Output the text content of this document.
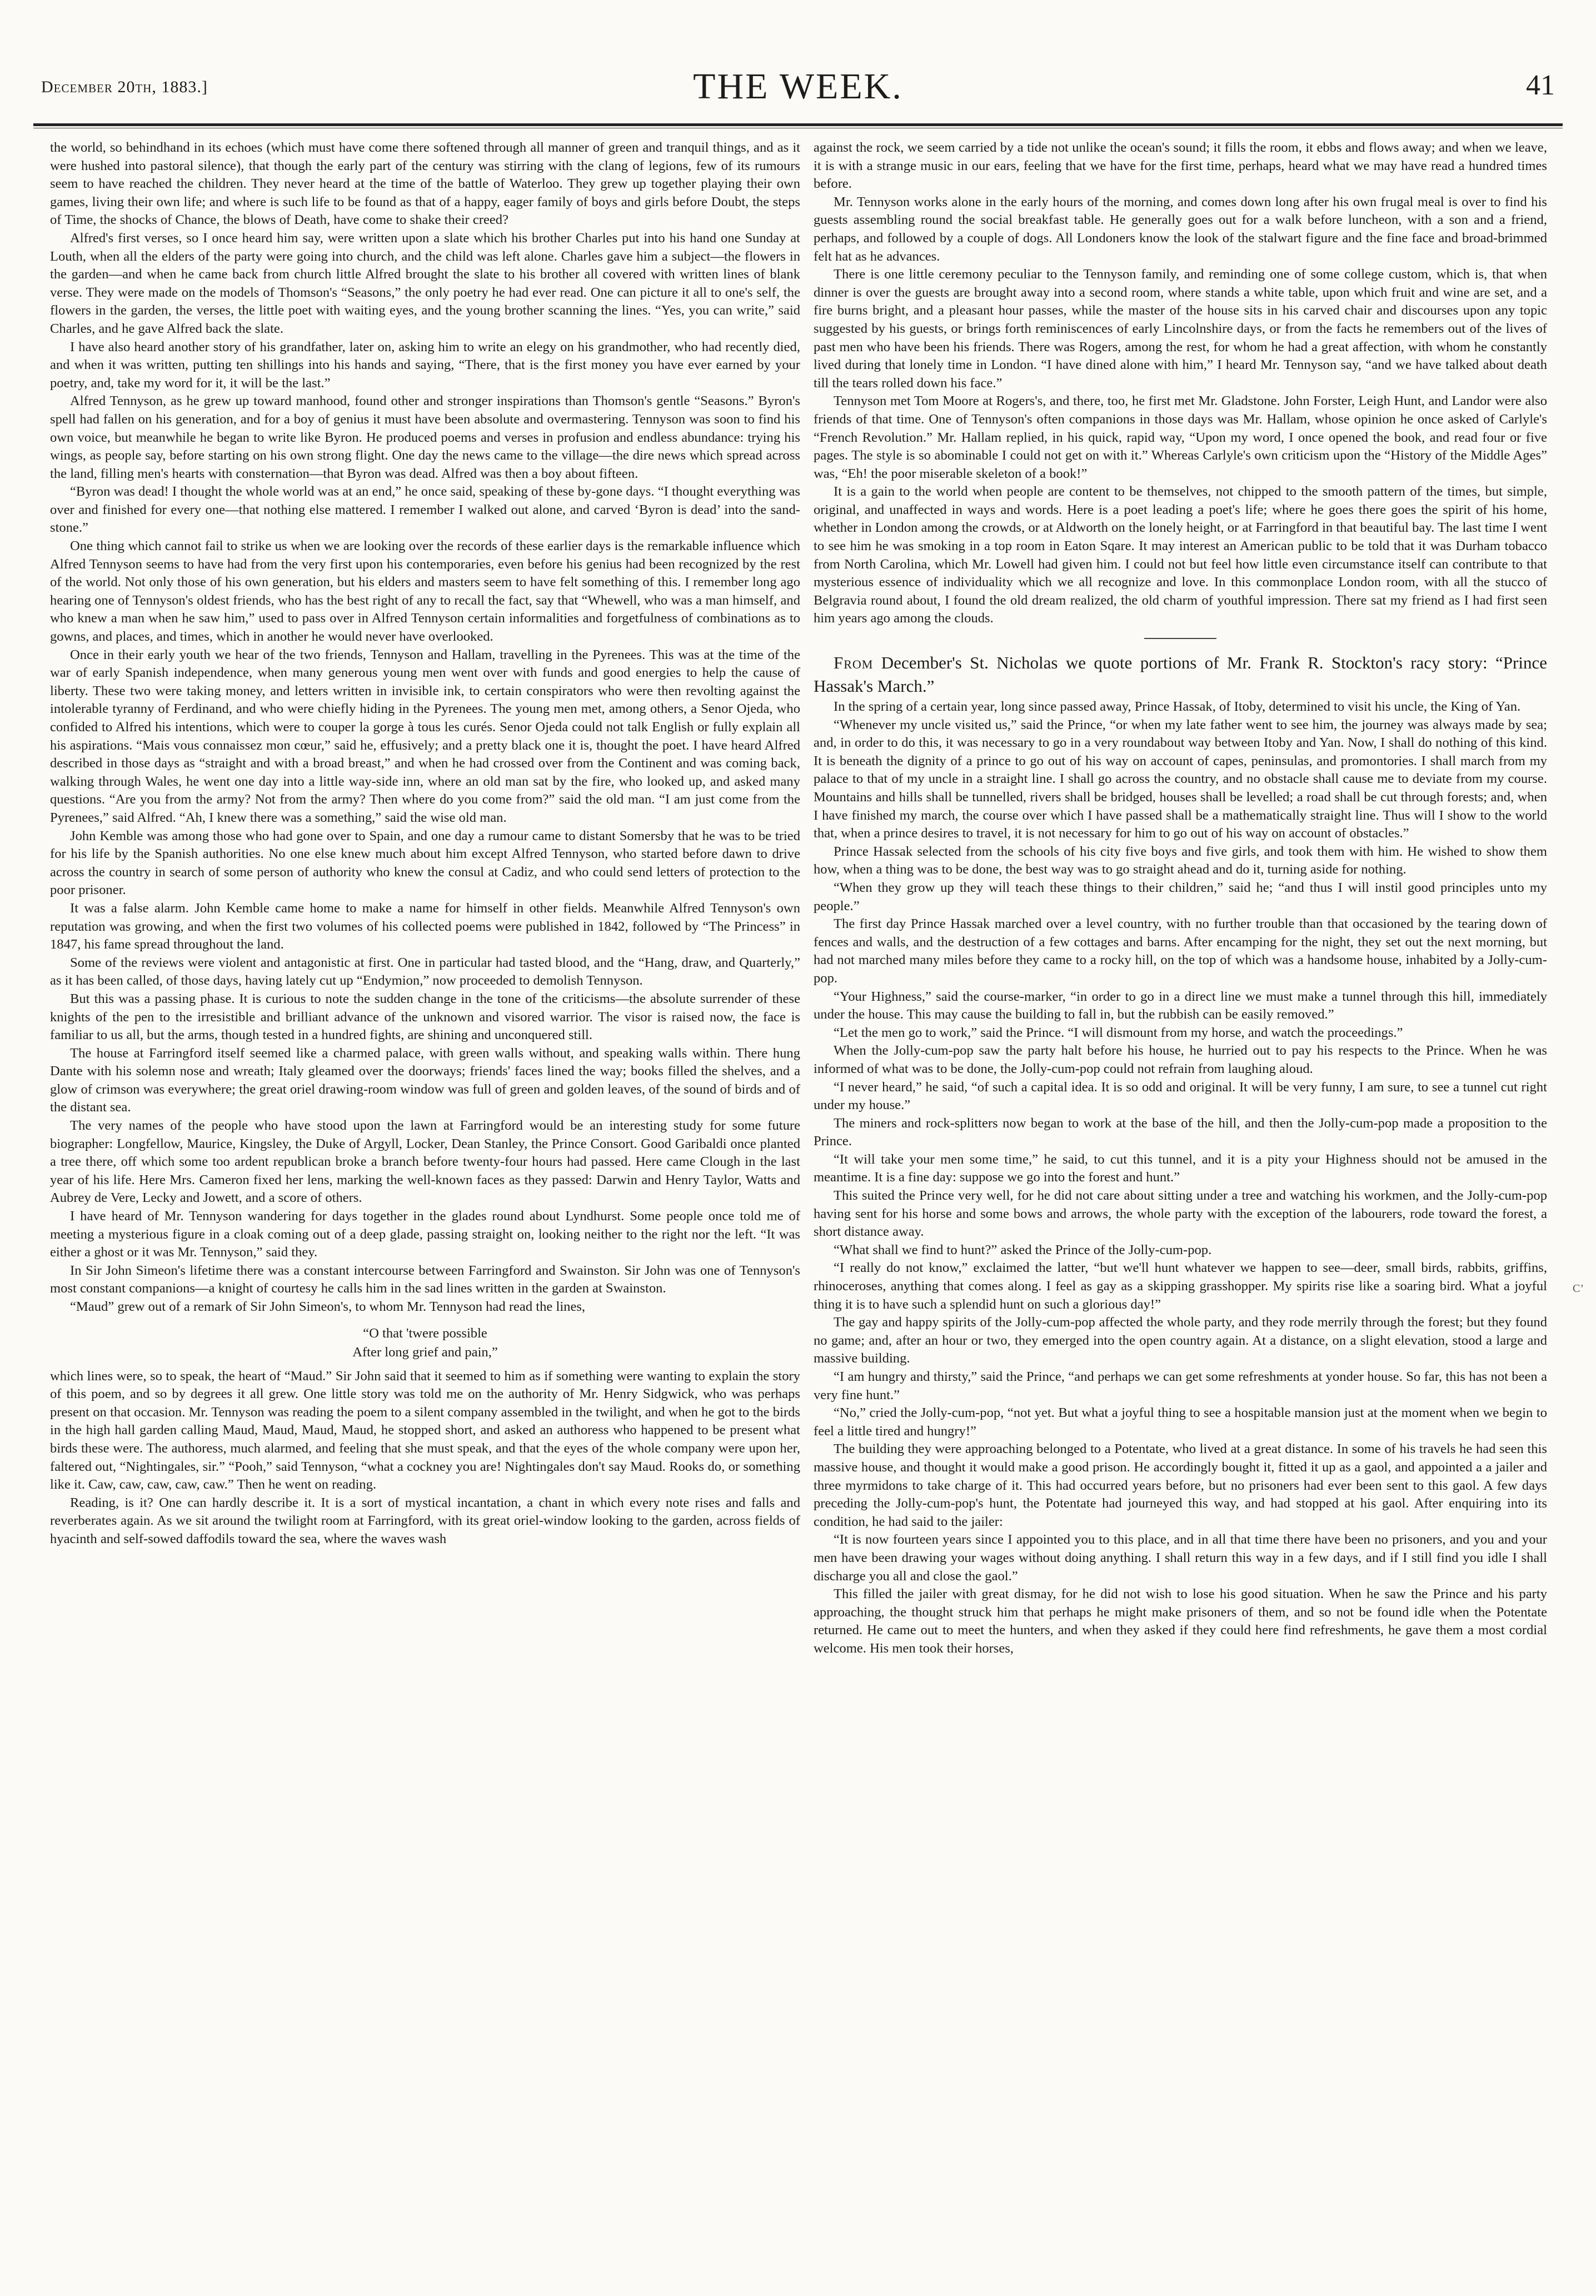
December 20th, 1883.]	THE WEEK.	41

the world, so behindhand in its echoes (which must have come there softened through all manner of green and tranquil things, and as it were hushed into pastoral silence), that though the early part of the century was stirring with the clang of legions, few of its rumours seem to have reached the children. They never heard at the time of the battle of Waterloo. They grew up together playing their own games, living their own life; and where is such life to be found as that of a happy, eager family of boys and girls before Doubt, the steps of Time, the shocks of Chance, the blows of Death, have come to shake their creed?

Alfred's first verses, so I once heard him say, were written upon a slate which his brother Charles put into his hand one Sunday at Louth, when all the elders of the party were going into church, and the child was left alone. Charles gave him a subject—the flowers in the garden—and when he came back from church little Alfred brought the slate to his brother all covered with written lines of blank verse. They were made on the models of Thomson's “Seasons,” the only poetry he had ever read. One can picture it all to one's self, the flowers in the garden, the verses, the little poet with waiting eyes, and the young brother scanning the lines. “Yes, you can write,” said Charles, and he gave Alfred back the slate.

I have also heard another story of his grandfather, later on, asking him to write an elegy on his grandmother, who had recently died, and when it was written, putting ten shillings into his hands and saying, “There, that is the first money you have ever earned by your poetry, and, take my word for it, it will be the last.”

Alfred Tennyson, as he grew up toward manhood, found other and stronger inspirations than Thomson's gentle “Seasons.” Byron's spell had fallen on his generation, and for a boy of genius it must have been absolute and overmastering. Tennyson was soon to find his own voice, but meanwhile he began to write like Byron. He produced poems and verses in profusion and endless abundance: trying his wings, as people say, before starting on his own strong flight. One day the news came to the village—the dire news which spread across the land, filling men's hearts with consternation—that Byron was dead. Alfred was then a boy about fifteen.

“Byron was dead! I thought the whole world was at an end,” he once said, speaking of these by-gone days. “I thought everything was over and finished for every one—that nothing else mattered. I remember I walked out alone, and carved ‘Byron is dead’ into the sand-stone.”

One thing which cannot fail to strike us when we are looking over the records of these earlier days is the remarkable influence which Alfred Tennyson seems to have had from the very first upon his contemporaries, even before his genius had been recognized by the rest of the world. Not only those of his own generation, but his elders and masters seem to have felt something of this. I remember long ago hearing one of Tennyson's oldest friends, who has the best right of any to recall the fact, say that “Whewell, who was a man himself, and who knew a man when he saw him,” used to pass over in Alfred Tennyson certain informalities and forgetfulness of combinations as to gowns, and places, and times, which in another he would never have overlooked.

Once in their early youth we hear of the two friends, Tennyson and Hallam, travelling in the Pyrenees. This was at the time of the war of early Spanish independence, when many generous young men went over with funds and good energies to help the cause of liberty. These two were taking money, and letters written in invisible ink, to certain conspirators who were then revolting against the intolerable tyranny of Ferdinand, and who were chiefly hiding in the Pyrenees. The young men met, among others, a Senor Ojeda, who confided to Alfred his intentions, which were to couper la gorge à tous les curés. Senor Ojeda could not talk English or fully explain all his aspirations. “Mais vous connaissez mon cœur,” said he, effusively; and a pretty black one it is, thought the poet. I have heard Alfred described in those days as “straight and with a broad breast,” and when he had crossed over from the Continent and was coming back, walking through Wales, he went one day into a little way-side inn, where an old man sat by the fire, who looked up, and asked many questions. “Are you from the army? Not from the army? Then where do you come from?” said the old man. “I am just come from the Pyrenees,” said Alfred. “Ah, I knew there was a something,” said the wise old man.

John Kemble was among those who had gone over to Spain, and one day a rumour came to distant Somersby that he was to be tried for his life by the Spanish authorities. No one else knew much about him except Alfred Tennyson, who started before dawn to drive across the country in search of some person of authority who knew the consul at Cadiz, and who could send letters of protection to the poor prisoner.

It was a false alarm. John Kemble came home to make a name for himself in other fields. Meanwhile Alfred Tennyson's own reputation was growing, and when the first two volumes of his collected poems were published in 1842, followed by “The Princess” in 1847, his fame spread throughout the land.

Some of the reviews were violent and antagonistic at first. One in particular had tasted blood, and the “Hang, draw, and Quarterly,” as it has been called, of those days, having lately cut up “Endymion,” now proceeded to demolish Tennyson.

But this was a passing phase. It is curious to note the sudden change in the tone of the criticisms—the absolute surrender of these knights of the pen to the irresistible and brilliant advance of the unknown and visored warrior. The visor is raised now, the face is familiar to us all, but the arms, though tested in a hundred fights, are shining and unconquered still.

The house at Farringford itself seemed like a charmed palace, with green walls without, and speaking walls within. There hung Dante with his solemn nose and wreath; Italy gleamed over the doorways; friends' faces lined the way; books filled the shelves, and a glow of crimson was everywhere; the great oriel drawing-room window was full of green and golden leaves, of the sound of birds and of the distant sea.

The very names of the people who have stood upon the lawn at Farringford would be an interesting study for some future biographer: Longfellow, Maurice, Kingsley, the Duke of Argyll, Locker, Dean Stanley, the Prince Consort. Good Garibaldi once planted a tree there, off which some too ardent republican broke a branch before twenty-four hours had passed. Here came Clough in the last year of his life. Here Mrs. Cameron fixed her lens, marking the well-known faces as they passed: Darwin and Henry Taylor, Watts and Aubrey de Vere, Lecky and Jowett, and a score of others.

I have heard of Mr. Tennyson wandering for days together in the glades round about Lyndhurst. Some people once told me of meeting a mysterious figure in a cloak coming out of a deep glade, passing straight on, looking neither to the right nor the left. “It was either a ghost or it was Mr. Tennyson,” said they.

In Sir John Simeon's lifetime there was a constant intercourse between Farringford and Swainston. Sir John was one of Tennyson's most constant companions—a knight of courtesy he calls him in the sad lines written in the garden at Swainston.

“Maud” grew out of a remark of Sir John Simeon's, to whom Mr. Tennyson had read the lines,

“O that 'twere possible
After long grief and pain,”

which lines were, so to speak, the heart of “Maud.” Sir John said that it seemed to him as if something were wanting to explain the story of this poem, and so by degrees it all grew. One little story was told me on the authority of Mr. Henry Sidgwick, who was perhaps present on that occasion. Mr. Tennyson was reading the poem to a silent company assembled in the twilight, and when he got to the birds in the high hall garden calling Maud, Maud, Maud, Maud, he stopped short, and asked an authoress who happened to be present what birds these were. The authoress, much alarmed, and feeling that she must speak, and that the eyes of the whole company were upon her, faltered out, “Nightingales, sir.” “Pooh,” said Tennyson, “what a cockney you are! Nightingales don't say Maud. Rooks do, or something like it. Caw, caw, caw, caw, caw.” Then he went on reading.

Reading, is it? One can hardly describe it. It is a sort of mystical incantation, a chant in which every note rises and falls and reverberates again. As we sit around the twilight room at Farringford, with its great oriel-window looking to the garden, across fields of hyacinth and self-sowed daffodils toward the sea, where the waves wash

against the rock, we seem carried by a tide not unlike the ocean's sound; it fills the room, it ebbs and flows away; and when we leave, it is with a strange music in our ears, feeling that we have for the first time, perhaps, heard what we may have read a hundred times before.

Mr. Tennyson works alone in the early hours of the morning, and comes down long after his own frugal meal is over to find his guests assembling round the social breakfast table. He generally goes out for a walk before luncheon, with a son and a friend, perhaps, and followed by a couple of dogs. All Londoners know the look of the stalwart figure and the fine face and broad-brimmed felt hat as he advances.

There is one little ceremony peculiar to the Tennyson family, and reminding one of some college custom, which is, that when dinner is over the guests are brought away into a second room, where stands a white table, upon which fruit and wine are set, and a fire burns bright, and a pleasant hour passes, while the master of the house sits in his carved chair and discourses upon any topic suggested by his guests, or brings forth reminiscences of early Lincolnshire days, or from the facts he remembers out of the lives of past men who have been his friends. There was Rogers, among the rest, for whom he had a great affection, with whom he constantly lived during that lonely time in London. “I have dined alone with him,” I heard Mr. Tennyson say, “and we have talked about death till the tears rolled down his face.”

Tennyson met Tom Moore at Rogers's, and there, too, he first met Mr. Gladstone. John Forster, Leigh Hunt, and Landor were also friends of that time. One of Tennyson's often companions in those days was Mr. Hallam, whose opinion he once asked of Carlyle's “French Revolution.” Mr. Hallam replied, in his quick, rapid way, “Upon my word, I once opened the book, and read four or five pages. The style is so abominable I could not get on with it.” Whereas Carlyle's own criticism upon the “History of the Middle Ages” was, “Eh! the poor miserable skeleton of a book!”

It is a gain to the world when people are content to be themselves, not chipped to the smooth pattern of the times, but simple, original, and unaffected in ways and words. Here is a poet leading a poet's life; where he goes there goes the spirit of his home, whether in London among the crowds, or at Aldworth on the lonely height, or at Farringford in that beautiful bay. The last time I went to see him he was smoking in a top room in Eaton Sqare. It may interest an American public to be told that it was Durham tobacco from North Carolina, which Mr. Lowell had given him. I could not but feel how little even circumstance itself can contribute to that mysterious essence of individuality which we all recognize and love. In this commonplace London room, with all the stucco of Belgravia round about, I found the old dream realized, the old charm of youthful impression. There sat my friend as I had first seen him years ago among the clouds.

From December's St. Nicholas we quote portions of Mr. Frank R. Stockton's racy story: “Prince Hassak's March.”

In the spring of a certain year, long since passed away, Prince Hassak, of Itoby, determined to visit his uncle, the King of Yan.

“Whenever my uncle visited us,” said the Prince, “or when my late father went to see him, the journey was always made by sea; and, in order to do this, it was necessary to go in a very roundabout way between Itoby and Yan. Now, I shall do nothing of this kind. It is beneath the dignity of a prince to go out of his way on account of capes, peninsulas, and promontories. I shall march from my palace to that of my uncle in a straight line. I shall go across the country, and no obstacle shall cause me to deviate from my course. Mountains and hills shall be tunnelled, rivers shall be bridged, houses shall be levelled; a road shall be cut through forests; and, when I have finished my march, the course over which I have passed shall be a mathematically straight line. Thus will I show to the world that, when a prince desires to travel, it is not necessary for him to go out of his way on account of obstacles.”

Prince Hassak selected from the schools of his city five boys and five girls, and took them with him. He wished to show them how, when a thing was to be done, the best way was to go straight ahead and do it, turning aside for nothing.

“When they grow up they will teach these things to their children,” said he; “and thus I will instil good principles unto my people.”

The first day Prince Hassak marched over a level country, with no further trouble than that occasioned by the tearing down of fences and walls, and the destruction of a few cottages and barns. After encamping for the night, they set out the next morning, but had not marched many miles before they came to a rocky hill, on the top of which was a handsome house, inhabited by a Jolly-cum-pop.

“Your Highness,” said the course-marker, “in order to go in a direct line we must make a tunnel through this hill, immediately under the house. This may cause the building to fall in, but the rubbish can be easily removed.”

“Let the men go to work,” said the Prince. “I will dismount from my horse, and watch the proceedings.”

When the Jolly-cum-pop saw the party halt before his house, he hurried out to pay his respects to the Prince. When he was informed of what was to be done, the Jolly-cum-pop could not refrain from laughing aloud.

“I never heard,” he said, “of such a capital idea. It is so odd and original. It will be very funny, I am sure, to see a tunnel cut right under my house.”

The miners and rock-splitters now began to work at the base of the hill, and then the Jolly-cum-pop made a proposition to the Prince.

“It will take your men some time,” he said, to cut this tunnel, and it is a pity your Highness should not be amused in the meantime. It is a fine day: suppose we go into the forest and hunt.”

This suited the Prince very well, for he did not care about sitting under a tree and watching his workmen, and the Jolly-cum-pop having sent for his horse and some bows and arrows, the whole party with the exception of the labourers, rode toward the forest, a short distance away.

“What shall we find to hunt?” asked the Prince of the Jolly-cum-pop.

“I really do not know,” exclaimed the latter, “but we'll hunt whatever we happen to see—deer, small birds, rabbits, griffins, rhinoceroses, anything that comes along. I feel as gay as a skipping grasshopper. My spirits rise like a soaring bird. What a joyful thing it is to have such a splendid hunt on such a glorious day!”

The gay and happy spirits of the Jolly-cum-pop affected the whole party, and they rode merrily through the forest; but they found no game; and, after an hour or two, they emerged into the open country again. At a distance, on a slight elevation, stood a large and massive building.

“I am hungry and thirsty,” said the Prince, “and perhaps we can get some refreshments at yonder house. So far, this has not been a very fine hunt.”

“No,” cried the Jolly-cum-pop, “not yet. But what a joyful thing to see a hospitable mansion just at the moment when we begin to feel a little tired and hungry!”

The building they were approaching belonged to a Potentate, who lived at a great distance. In some of his travels he had seen this massive house, and thought it would make a good prison. He accordingly bought it, fitted it up as a gaol, and appointed a a jailer and three myrmidons to take charge of it. This had occurred years before, but no prisoners had ever been sent to this gaol. A few days preceding the Jolly-cum-pop's hunt, the Potentate had journeyed this way, and had stopped at his gaol. After enquiring into its condition, he had said to the jailer:

“It is now fourteen years since I appointed you to this place, and in all that time there have been no prisoners, and you and your men have been drawing your wages without doing anything. I shall return this way in a few days, and if I still find you idle I shall discharge you all and close the gaol.”

This filled the jailer with great dismay, for he did not wish to lose his good situation. When he saw the Prince and his party approaching, the thought struck him that perhaps he might make prisoners of them, and so not be found idle when the Potentate returned. He came out to meet the hunters, and when they asked if they could here find refreshments, he gave them a most cordial welcome. His men took their horses,

C’
